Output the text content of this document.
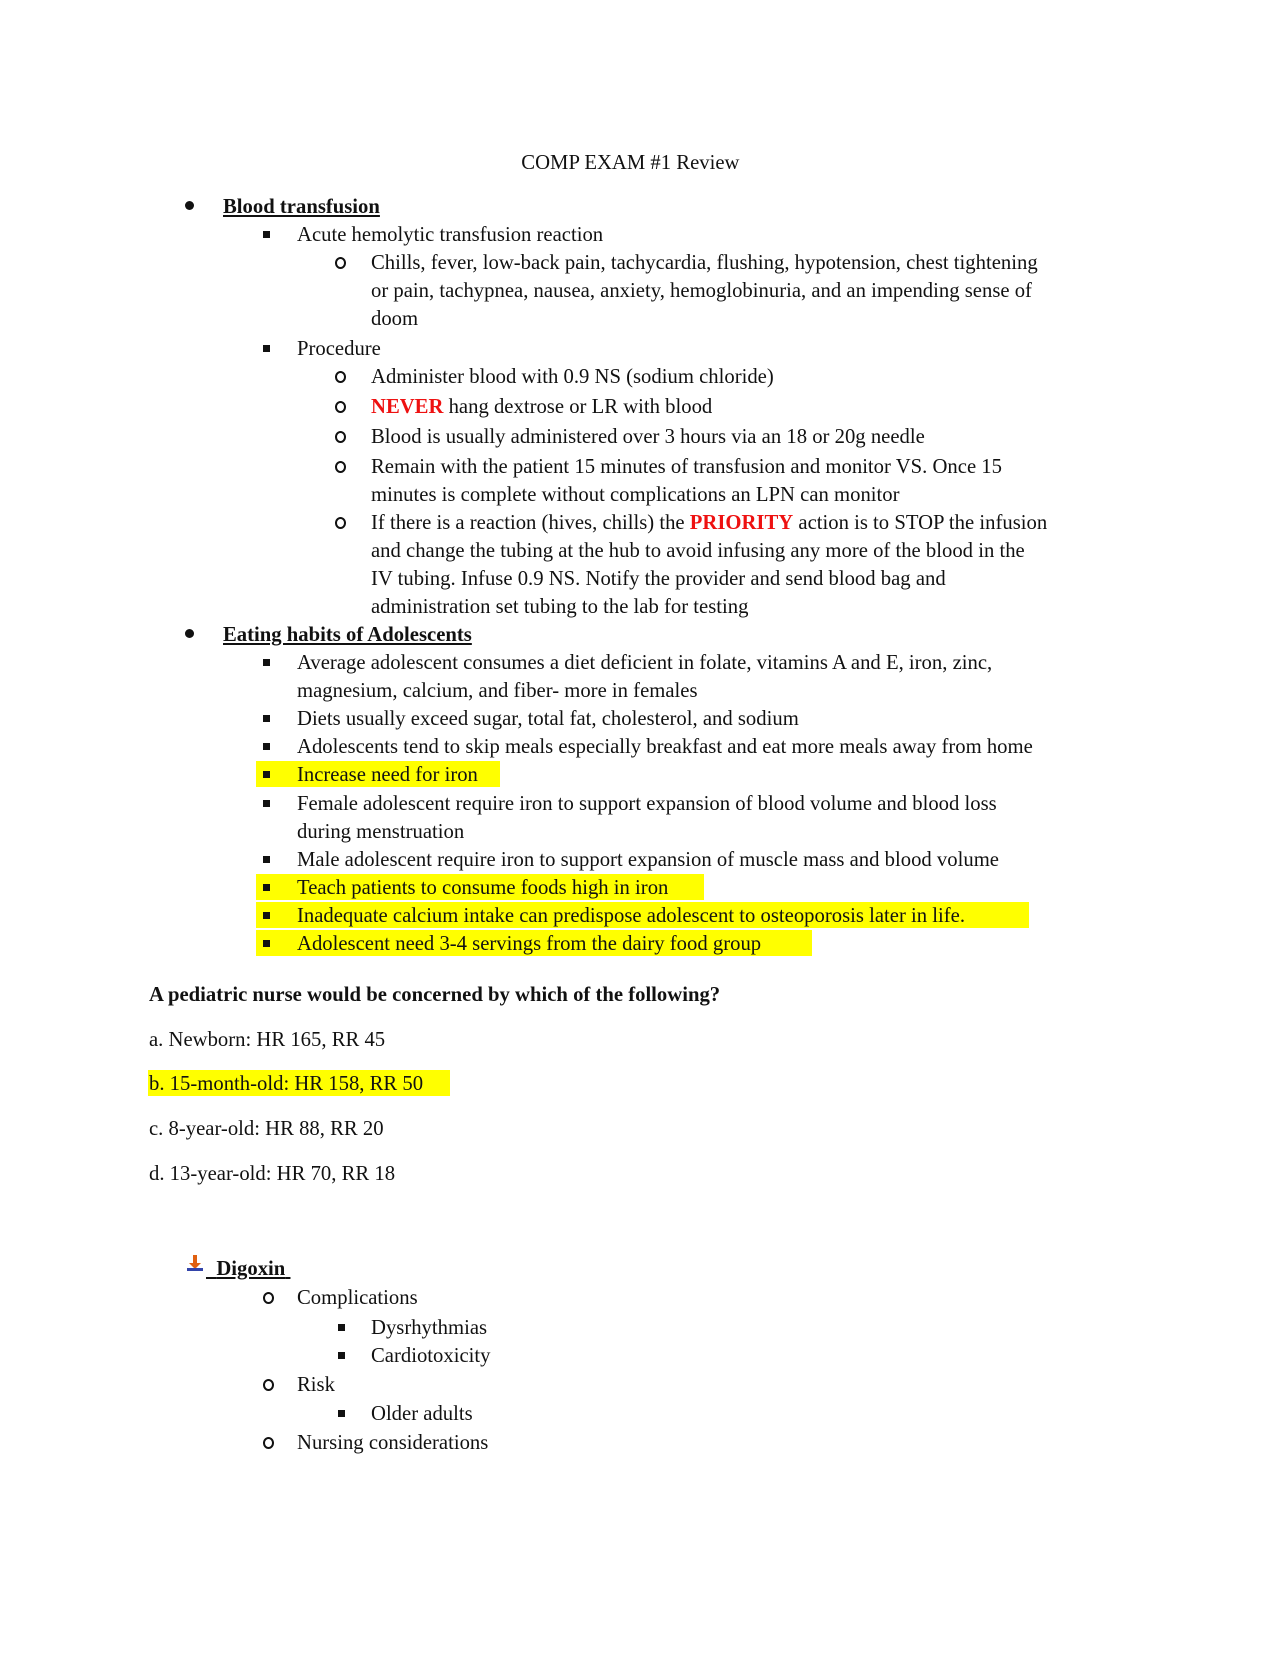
COMP EXAM #1 Review
Blood transfusion
Acute hemolytic transfusion reaction
Chills, fever, low-back pain, tachycardia, flushing, hypotension, chest tightening
or pain, tachypnea, nausea, anxiety, hemoglobinuria, and an impending sense of
doom
Procedure
Administer blood with 0.9 NS (sodium chloride)
NEVER hang dextrose or LR with blood
Blood is usually administered over 3 hours via an 18 or 20g needle
Remain with the patient 15 minutes of transfusion and monitor VS. Once 15
minutes is complete without complications an LPN can monitor
If there is a reaction (hives, chills) the PRIORITY action is to STOP the infusion
and change the tubing at the hub to avoid infusing any more of the blood in the
IV tubing. Infuse 0.9 NS. Notify the provider and send blood bag and
administration set tubing to the lab for testing
Eating habits of Adolescents
Average adolescent consumes a diet deficient in folate, vitamins A and E, iron, zinc,
magnesium, calcium, and fiber- more in females
Diets usually exceed sugar, total fat, cholesterol, and sodium
Adolescents tend to skip meals especially breakfast and eat more meals away from home
Increase need for iron
Female adolescent require iron to support expansion of blood volume and blood loss
during menstruation
Male adolescent require iron to support expansion of muscle mass and blood volume
Teach patients to consume foods high in iron
Inadequate calcium intake can predispose adolescent to osteoporosis later in life.
Adolescent need 3-4 servings from the dairy food group
A pediatric nurse would be concerned by which of the following?
a. Newborn: HR 165, RR 45
b. 15-month-old: HR 158, RR 50
c. 8-year-old: HR 88, RR 20
d. 13-year-old: HR 70, RR 18
Digoxin
Complications
Dysrhythmias
Cardiotoxicity
Risk
Older adults
Nursing considerations
